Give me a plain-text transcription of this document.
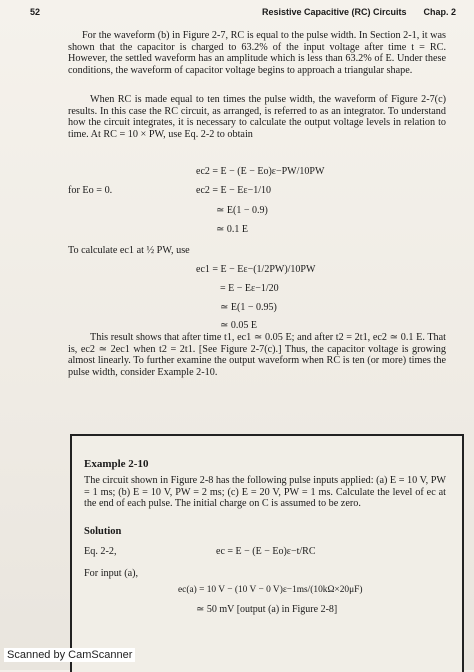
52	Resistive Capacitive (RC) Circuits Chap. 2
For the waveform (b) in Figure 2-7, RC is equal to the pulse width. In Section 2-1, it was shown that the capacitor is charged to 63.2% of the input voltage after time t = RC. However, the settled waveform has an amplitude which is less than 63.2% of E. Under these conditions, the waveform of capacitor voltage begins to approach a triangular shape.
When RC is made equal to ten times the pulse width, the waveform of Figure 2-7(c) results. In this case the RC circuit, as arranged, is referred to as an integrator. To understand how the circuit integrates, it is necessary to calculate the output voltage levels in relation to time. At RC = 10 × PW, use Eq. 2-2 to obtain
ec2 = E − (E − Eo)ε−PW/10PW
for Eo = 0.	ec2 = E − Eε−1/10
≃ E(1 − 0.9)
≃ 0.1 E
To calculate ec1 at ½ PW, use
ec1 = E − Eε−(1/2PW)/10PW
= E − Eε−1/20
≃ E(1 − 0.95)
≃ 0.05 E
This result shows that after time t1, ec1 ≃ 0.05 E; and after t2 = 2t1, ec2 ≃ 0.1 E. That is, ec2 ≃ 2ec1 when t2 = 2t1. [See Figure 2-7(c).] Thus, the capacitor voltage is growing almost linearly. To further examine the output waveform when RC is ten (or more) times the pulse width, consider Example 2-10.
Example 2-10
The circuit shown in Figure 2-8 has the following pulse inputs applied: (a) E = 10 V, PW = 1 ms; (b) E = 10 V, PW = 2 ms; (c) E = 20 V, PW = 1 ms. Calculate the level of ec at the end of each pulse. The initial charge on C is assumed to be zero.
Solution
Eq. 2-2,	ec = E − (E − Eo)ε−t/RC
For input (a),
ec(a) = 10 V − (10 V − 0 V)ε−1ms/(10kΩ×20μF)
≃ 50 mV [output (a) in Figure 2-8]
Scanned by CamScanner
